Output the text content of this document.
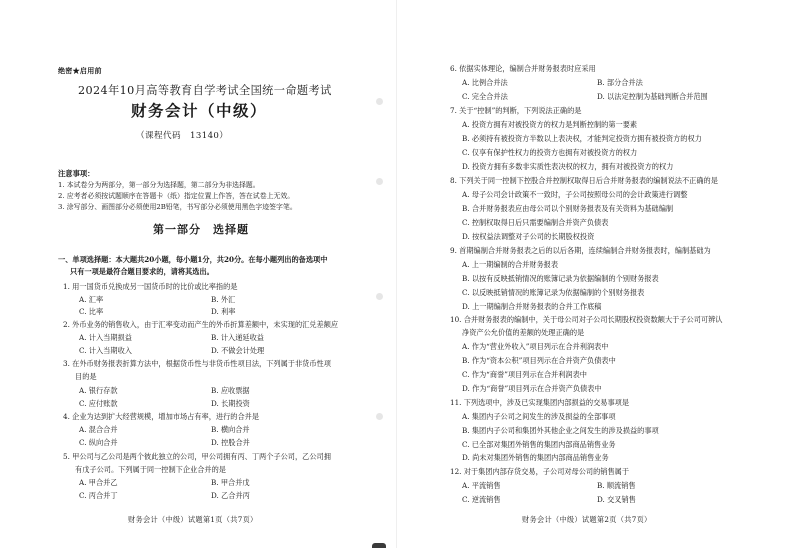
绝密★启用前
2024年10月高等教育自学考试全国统一命题考试
财务会计（中级）
（课程代码　13140）
注意事项：
1. 本试卷分为两部分，第一部分为选择题，第二部分为非选择题。
2. 应考者必须按试题顺序在答题卡（纸）指定位置上作答，答在试卷上无效。
3. 涂写部分、画图部分必须使用2B铅笔，书写部分必须使用黑色字迹签字笔。
第一部分　选择题
一、单项选择题：本大题共20小题，每小题1分，共20分。在每小题列出的备选项中
只有一项是最符合题目要求的，请将其选出。
1. 用一国货币兑换成另一国货币时的比价或比率指的是
A. 汇率	B. 外汇
C. 比率	D. 利率
2. 外币业务的销售收入，由于汇率变动而产生的外币折算差额中，未实现的汇兑差额应
A. 计入当期损益	B. 计入递延收益
C. 计入当期收入	D. 不做会计处理
3. 在外币财务报表折算方法中，根据货币性与非货币性项目法，下列属于非货币性项
目的是
A. 银行存款	B. 应收票据
C. 应付账款	D. 长期投资
4. 企业为达到扩大经营规模，增加市场占有率，进行的合并是
A. 混合合并	B. 横向合并
C. 纵向合并	D. 控股合并
5. 甲公司与乙公司是两个彼此独立的公司，甲公司拥有丙、丁两个子公司，乙公司拥
有戊子公司。下列属于同一控制下企业合并的是
A. 甲合并乙	B. 甲合并戊
C. 丙合并丁	D. 乙合并丙
财务会计（中级）试题第1页（共7页）
6. 依据实体理论，编制合并财务报表时应采用
A. 比例合并法	B. 部分合并法
C. 完全合并法	D. 以法定控制为基础判断合并范围
7. 关于“控制”的判断，下列说法正确的是
A. 投资方拥有对被投资方的权力是判断控制的第一要素
B. 必须持有被投资方半数以上表决权，才能判定投资方拥有被投资方的权力
C. 仅享有保护性权力的投资方也拥有对被投资方的权力
D. 投资方拥有多数非实质性表决权的权力，拥有对被投资方的权力
8. 下列关于同一控制下控股合并控制权取得日后合并财务报表的编制说法不正确的是
A. 母子公司会计政策不一致时，子公司按照母公司的会计政策进行调整
B. 合并财务报表应由母公司以个别财务报表及有关资料为基础编制
C. 控制权取得日后只需要编制合并资产负债表
D. 按权益法调整对子公司的长期股权投资
9. 首期编制合并财务报表之后的以后各期，连续编制合并财务报表时，编制基础为
A. 上一期编制的合并财务报表
B. 以按有反映抵销情况的账簿记录为依据编制的个别财务报表
C. 以反映抵销情况的账簿记录为依据编制的个别财务报表
D. 上一期编制合并财务报表的合并工作底稿
10. 合并财务报表的编制中，关于母公司对子公司长期股权投资数额大于子公司可辨认
净资产公允价值的差额的处理正确的是
A. 作为“营业外收入”项目列示在合并利润表中
B. 作为“资本公积”项目列示在合并资产负债表中
C. 作为“商誉”项目列示在合并利润表中
D. 作为“商誉”项目列示在合并资产负债表中
11. 下列选项中，涉及已实现集团内部损益的交易事项是
A. 集团内子公司之间发生的涉及损益的全部事项
B. 集团内子公司和集团外其他企业之间发生的涉及损益的事项
C. 已全部对集团外销售的集团内部商品销售业务
D. 尚未对集团外销售的集团内部商品销售业务
12. 对于集团内部存货交易，子公司对母公司的销售属于
A. 平流销售	B. 顺流销售
C. 逆流销售	D. 交叉销售
财务会计（中级）试题第2页（共7页）
